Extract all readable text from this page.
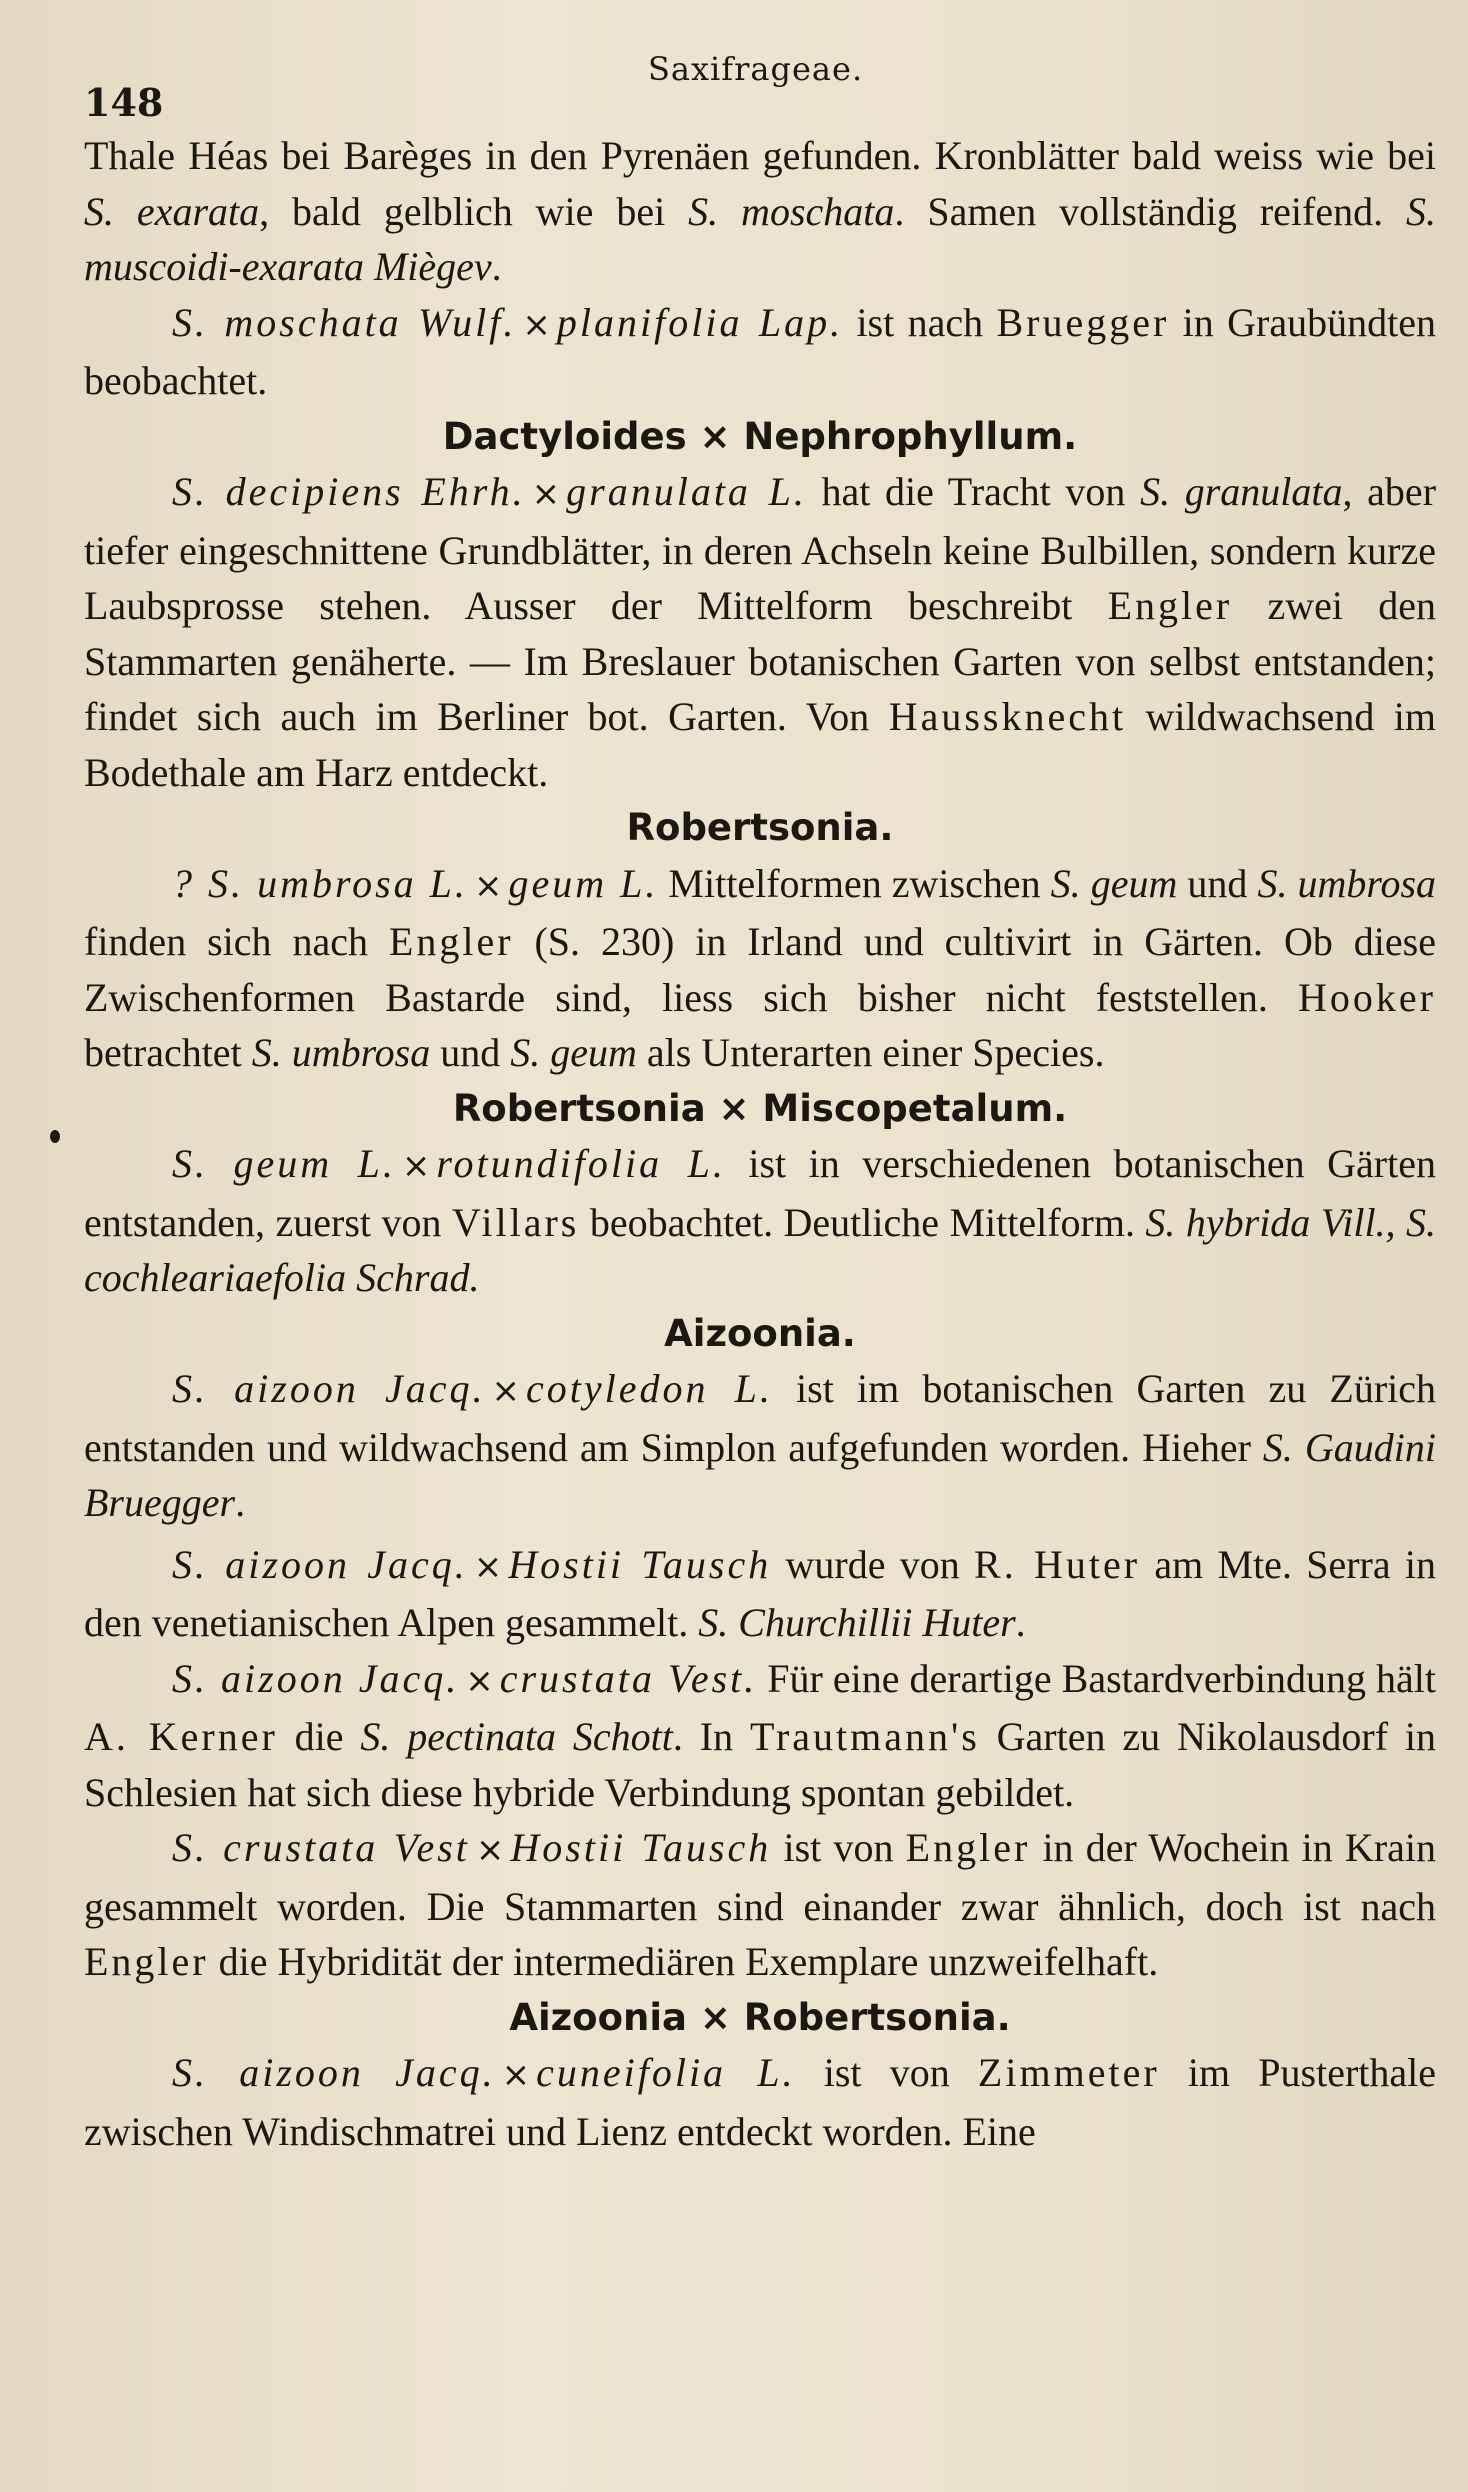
148
Saxifrageae.

Thale Héas bei Barèges in den Pyrenäen gefunden. Kronblätter bald weiss wie bei S. exarata, bald gelblich wie bei S. moschata. Samen vollständig reifend. S. muscoidi-exarata Miègev.

S. moschata Wulf. × planifolia Lap. ist nach Bruegger in Graubündten beobachtet.

Dactyloides × Nephrophyllum.

S. decipiens Ehrh. × granulata L. hat die Tracht von S. granulata, aber tiefer eingeschnittene Grundblätter, in deren Achseln keine Bulbillen, sondern kurze Laubsprosse stehen. Ausser der Mittelform beschreibt Engler zwei den Stammarten genäherte. — Im Breslauer botanischen Garten von selbst entstanden; findet sich auch im Berliner bot. Garten. Von Haussknecht wildwachsend im Bodethale am Harz entdeckt.

Robertsonia.

? S. umbrosa L. × geum L. Mittelformen zwischen S. geum und S. umbrosa finden sich nach Engler (S. 230) in Irland und cultivirt in Gärten. Ob diese Zwischenformen Bastarde sind, liess sich bisher nicht feststellen. Hooker betrachtet S. umbrosa und S. geum als Unterarten einer Species.

Robertsonia × Miscopetalum.

S. geum L. × rotundifolia L. ist in verschiedenen botanischen Gärten entstanden, zuerst von Villars beobachtet. Deutliche Mittelform. S. hybrida Vill., S. cochleariaefolia Schrad.

Aizoonia.

S. aizoon Jacq. × cotyledon L. ist im botanischen Garten zu Zürich entstanden und wildwachsend am Simplon aufgefunden worden. Hieher S. Gaudini Bruegger.

S. aizoon Jacq. × Hostii Tausch wurde von R. Huter am Mte. Serra in den venetianischen Alpen gesammelt. S. Churchillii Huter.

S. aizoon Jacq. × crustata Vest. Für eine derartige Bastardverbindung hält A. Kerner die S. pectinata Schott. In Trautmann's Garten zu Nikolausdorf in Schlesien hat sich diese hybride Verbindung spontan gebildet.

S. crustata Vest × Hostii Tausch ist von Engler in der Wochein in Krain gesammelt worden. Die Stammarten sind einander zwar ähnlich, doch ist nach Engler die Hybridität der intermediären Exemplare unzweifelhaft.

Aizoonia × Robertsonia.

S. aizoon Jacq. × cuneifolia L. ist von Zimmeter im Pusterthale zwischen Windischmatrei und Lienz entdeckt worden. Eine
